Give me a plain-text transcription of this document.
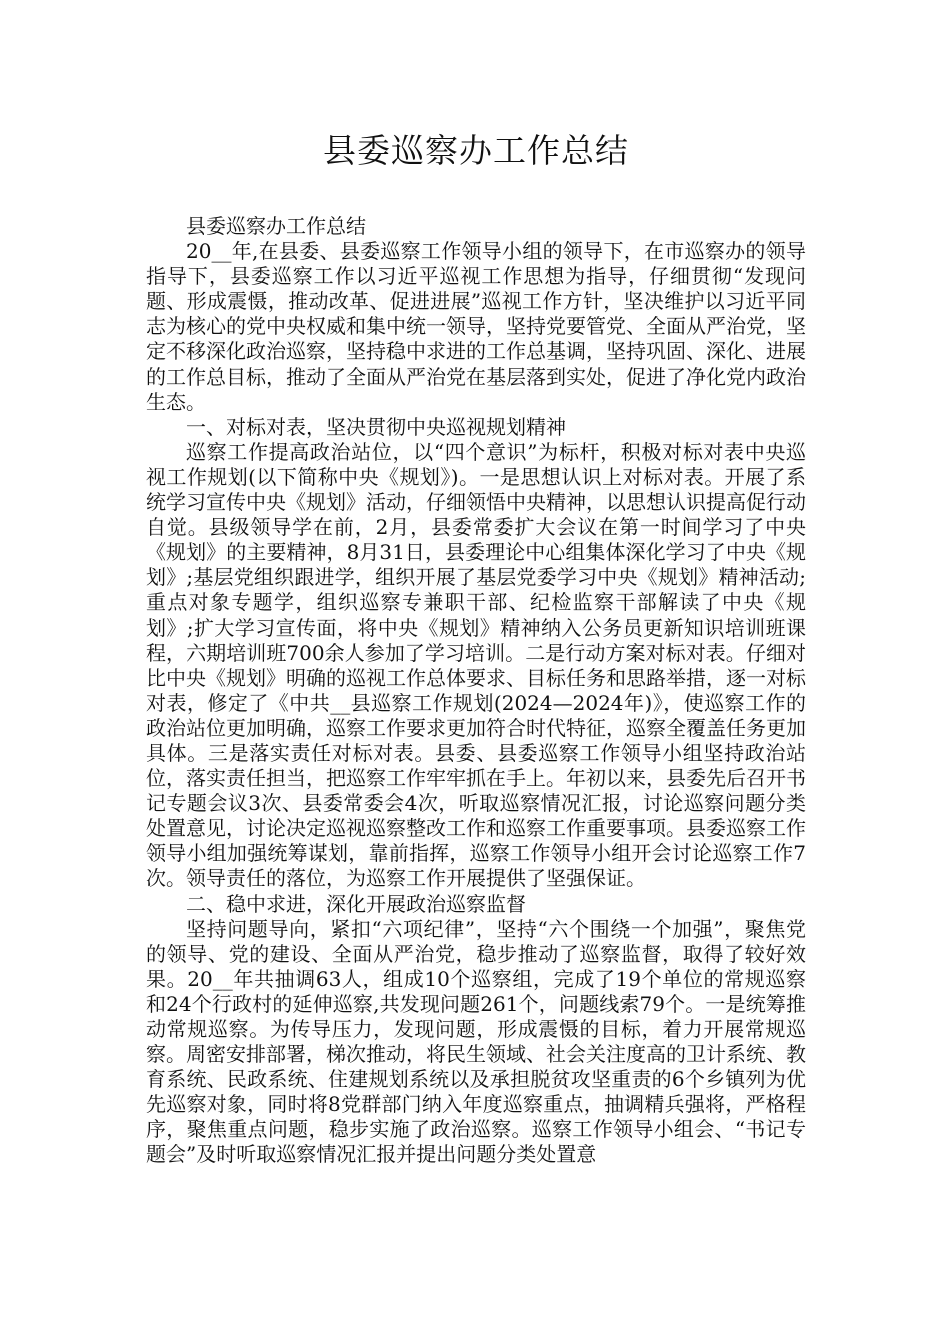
县委巡察办工作总结

县委巡察办工作总结

20__年,在县委、县委巡察工作领导小组的领导下，在市巡察办的领导指导下，县委巡察工作以习近平巡视工作思想为指导，仔细贯彻“发现问题、形成震慑，推动改革、促进进展”巡视工作方针，坚决维护以习近平同志为核心的党中央权威和集中统一领导，坚持党要管党、全面从严治党，坚定不移深化政治巡察，坚持稳中求进的工作总基调，坚持巩固、深化、进展的工作总目标，推动了全面从严治党在基层落到实处，促进了净化党内政治生态。

一、对标对表，坚决贯彻中央巡视规划精神

巡察工作提高政治站位，以“四个意识”为标杆，积极对标对表中央巡视工作规划(以下简称中央《规划》)。一是思想认识上对标对表。开展了系统学习宣传中央《规划》活动，仔细领悟中央精神，以思想认识提高促行动自觉。县级领导学在前，2月，县委常委扩大会议在第一时间学习了中央《规划》的主要精神，8月31日，县委理论中心组集体深化学习了中央《规划》;基层党组织跟进学，组织开展了基层党委学习中央《规划》精神活动;重点对象专题学，组织巡察专兼职干部、纪检监察干部解读了中央《规划》;扩大学习宣传面，将中央《规划》精神纳入公务员更新知识培训班课程，六期培训班700余人参加了学习培训。二是行动方案对标对表。仔细对比中央《规划》明确的巡视工作总体要求、目标任务和思路举措，逐一对标对表，修定了《中共__县巡察工作规划(2024—2024年)》，使巡察工作的政治站位更加明确，巡察工作要求更加符合时代特征，巡察全覆盖任务更加具体。三是落实责任对标对表。县委、县委巡察工作领导小组坚持政治站位，落实责任担当，把巡察工作牢牢抓在手上。年初以来，县委先后召开书记专题会议3次、县委常委会4次，听取巡察情况汇报，讨论巡察问题分类处置意见，讨论决定巡视巡察整改工作和巡察工作重要事项。县委巡察工作领导小组加强统筹谋划，靠前指挥，巡察工作领导小组开会讨论巡察工作7次。领导责任的落位，为巡察工作开展提供了坚强保证。

二、稳中求进，深化开展政治巡察监督

坚持问题导向，紧扣“六项纪律”，坚持“六个围绕一个加强”，聚焦党的领导、党的建设、全面从严治党，稳步推动了巡察监督，取得了较好效果。20__年共抽调63人，组成10个巡察组，完成了19个单位的常规巡察和24个行政村的延伸巡察,共发现问题261个，问题线索79个。一是统筹推动常规巡察。为传导压力，发现问题，形成震慑的目标，着力开展常规巡察。周密安排部署，梯次推动，将民生领域、社会关注度高的卫计系统、教育系统、民政系统、住建规划系统以及承担脱贫攻坚重责的6个乡镇列为优先巡察对象，同时将8党群部门纳入年度巡察重点，抽调精兵强将，严格程序，聚焦重点问题，稳步实施了政治巡察。巡察工作领导小组会、“书记专题会”及时听取巡察情况汇报并提出问题分类处置意
